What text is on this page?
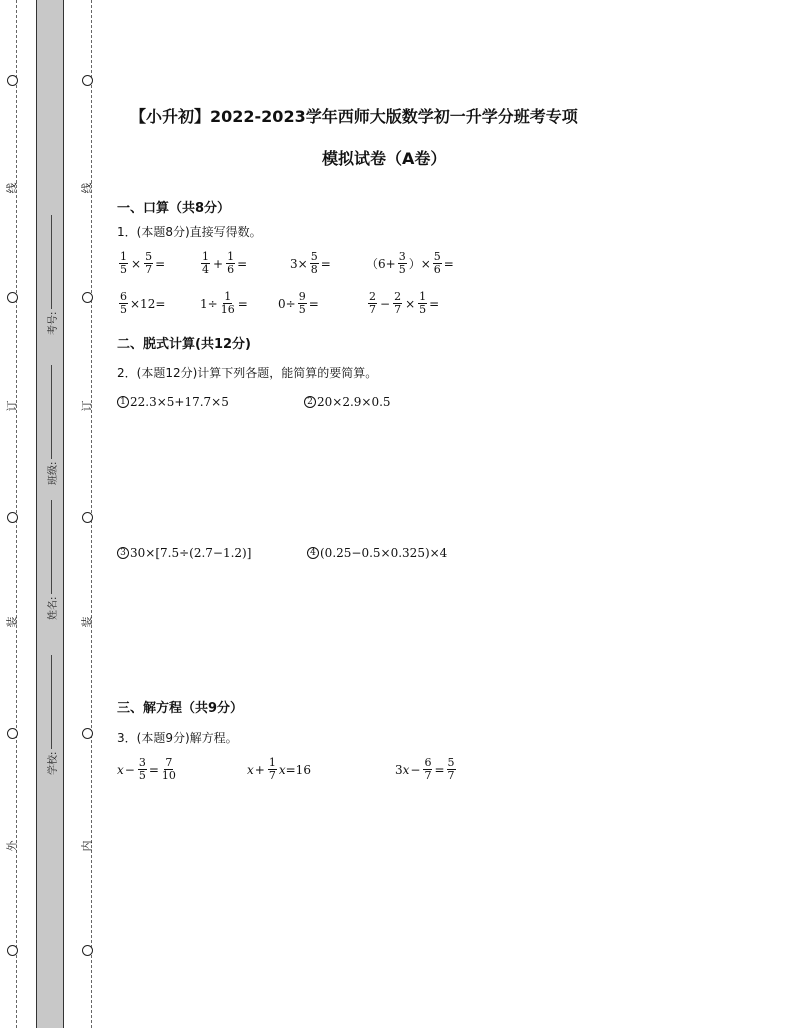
线
订
装
外
线
订
装
内
学校:
姓名:
班级:
考号:
【小升初】2022-2023学年西师大版数学初一升学分班考专项
模拟试卷（A卷）
一、口算（共8分）
1．(本题8分)直接写得数。
$\frac{1}{5} \times \frac{5}{7}$ =	$\frac{1}{4} + \frac{1}{6}$ =	$3\times \frac{5}{8}$ =	（$6+ \frac{3}{5}$ ）× $\frac{5}{6}$ =
$\frac{6}{5} \times 12=$	$1\div \frac{1}{16}$ =	$0\div \frac{9}{5}$ =	$\frac{2}{7} - \frac{2}{7} \times \frac{1}{5}$ =
二、脱式计算(共12分)
2．(本题12分)计算下列各题，能简算的要简算。
1 22.3×5+17.7×5	2 20×2.9×0.5
3 30×[7.5÷(2.7−1.2)]	4 (0.25−0.5×0.325)×4
三、解方程（共9分）
3．(本题9分)解方程。
$x - \frac{3}{5} = \frac{7}{10}$	$x + \frac{1}{7}$ x =16	3 $x - \frac{6}{7} = \frac{5}{7}$
